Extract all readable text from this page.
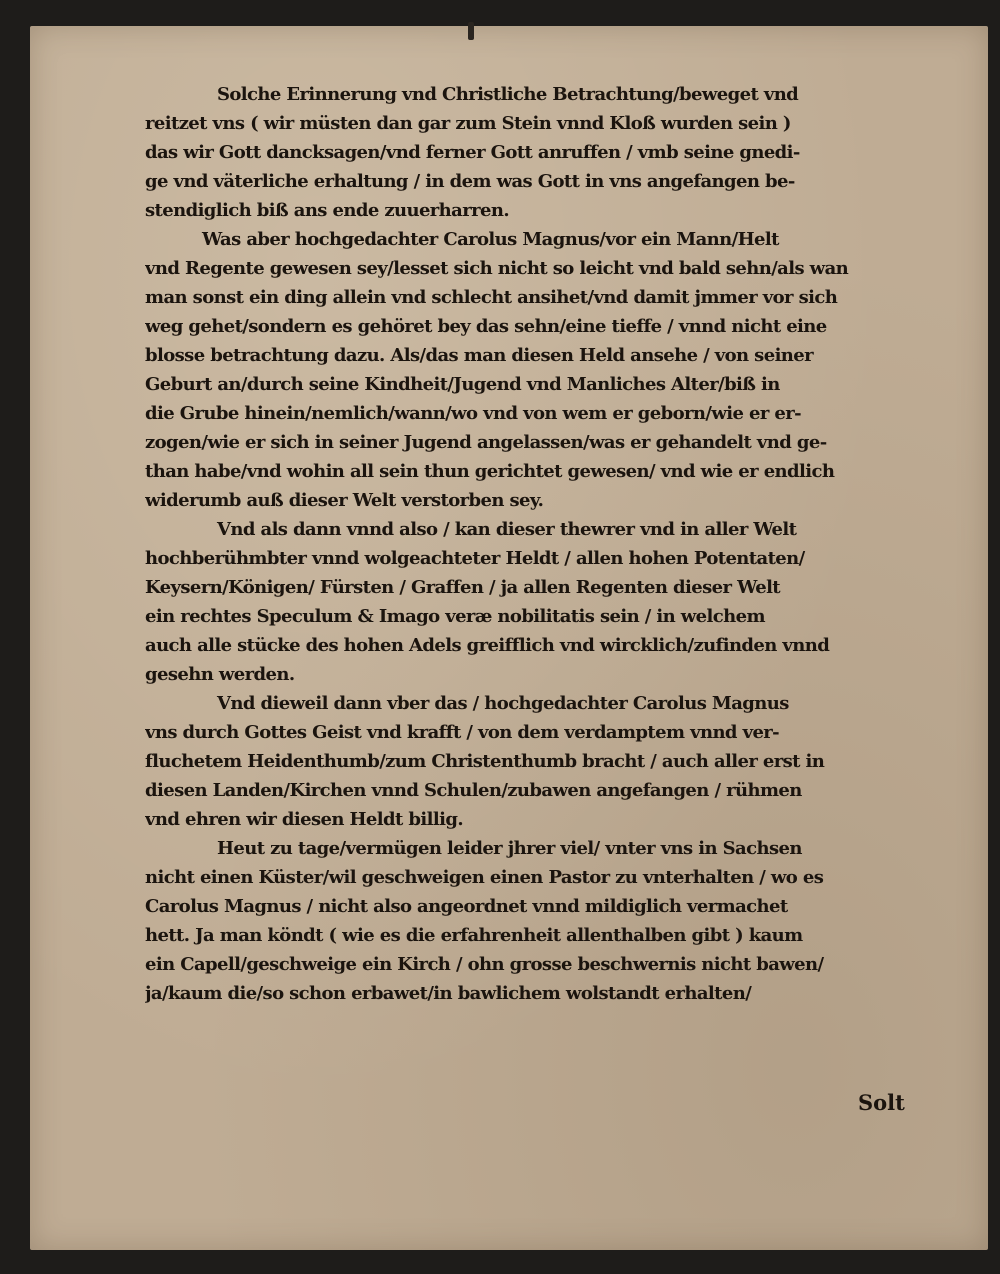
Solche Erinnerung vnd Christliche Betrachtung/beweget vnd
reitzet vns ( wir müsten dan gar zum Stein vnnd Kloß wurden sein )
das wir Gott dancksagen/vnd ferner Gott anruffen / vmb seine gnedi-
ge vnd väterliche erhaltung / in dem was Gott in vns angefangen be-
stendiglich biß ans ende zuuerharren.
Was aber hochgedachter Carolus Magnus/vor ein Mann/Helt
vnd Regente gewesen sey/lesset sich nicht so leicht vnd bald sehn/als wan
man sonst ein ding allein vnd schlecht ansihet/vnd damit jmmer vor sich
weg gehet/sondern es gehöret bey das sehn/eine tieffe / vnnd nicht eine
blosse betrachtung dazu. Als/das man diesen Held ansehe / von seiner
Geburt an/durch seine Kindheit/Jugend vnd Manliches Alter/biß in
die Grube hinein/nemlich/wann/wo vnd von wem er geborn/wie er er-
zogen/wie er sich in seiner Jugend angelassen/was er gehandelt vnd ge-
than habe/vnd wohin all sein thun gerichtet gewesen/ vnd wie er endlich
widerumb auß dieser Welt verstorben sey.
Vnd als dann vnnd also / kan dieser thewrer vnd in aller Welt
hochberühmbter vnnd wolgeachteter Heldt / allen hohen Potentaten/
Keysern/Königen/ Fürsten / Graffen / ja allen Regenten dieser Welt
ein rechtes Speculum & Imago veræ nobilitatis sein / in welchem
auch alle stücke des hohen Adels greifflich vnd wircklich/zufinden vnnd
gesehn werden.
Vnd dieweil dann vber das / hochgedachter Carolus Magnus
vns durch Gottes Geist vnd krafft / von dem verdamptem vnnd ver-
fluchetem Heidenthumb/zum Christenthumb bracht / auch aller erst in
diesen Landen/Kirchen vnnd Schulen/zubawen angefangen / rühmen
vnd ehren wir diesen Heldt billig.
Heut zu tage/vermügen leider jhrer viel/ vnter vns in Sachsen
nicht einen Küster/wil geschweigen einen Pastor zu vnterhalten / wo es
Carolus Magnus / nicht also angeordnet vnnd mildiglich vermachet
hett. Ja man köndt ( wie es die erfahrenheit allenthalben gibt ) kaum
ein Capell/geschweige ein Kirch / ohn grosse beschwernis nicht bawen/
ja/kaum die/so schon erbawet/in bawlichem wolstandt erhalten/
Solt
